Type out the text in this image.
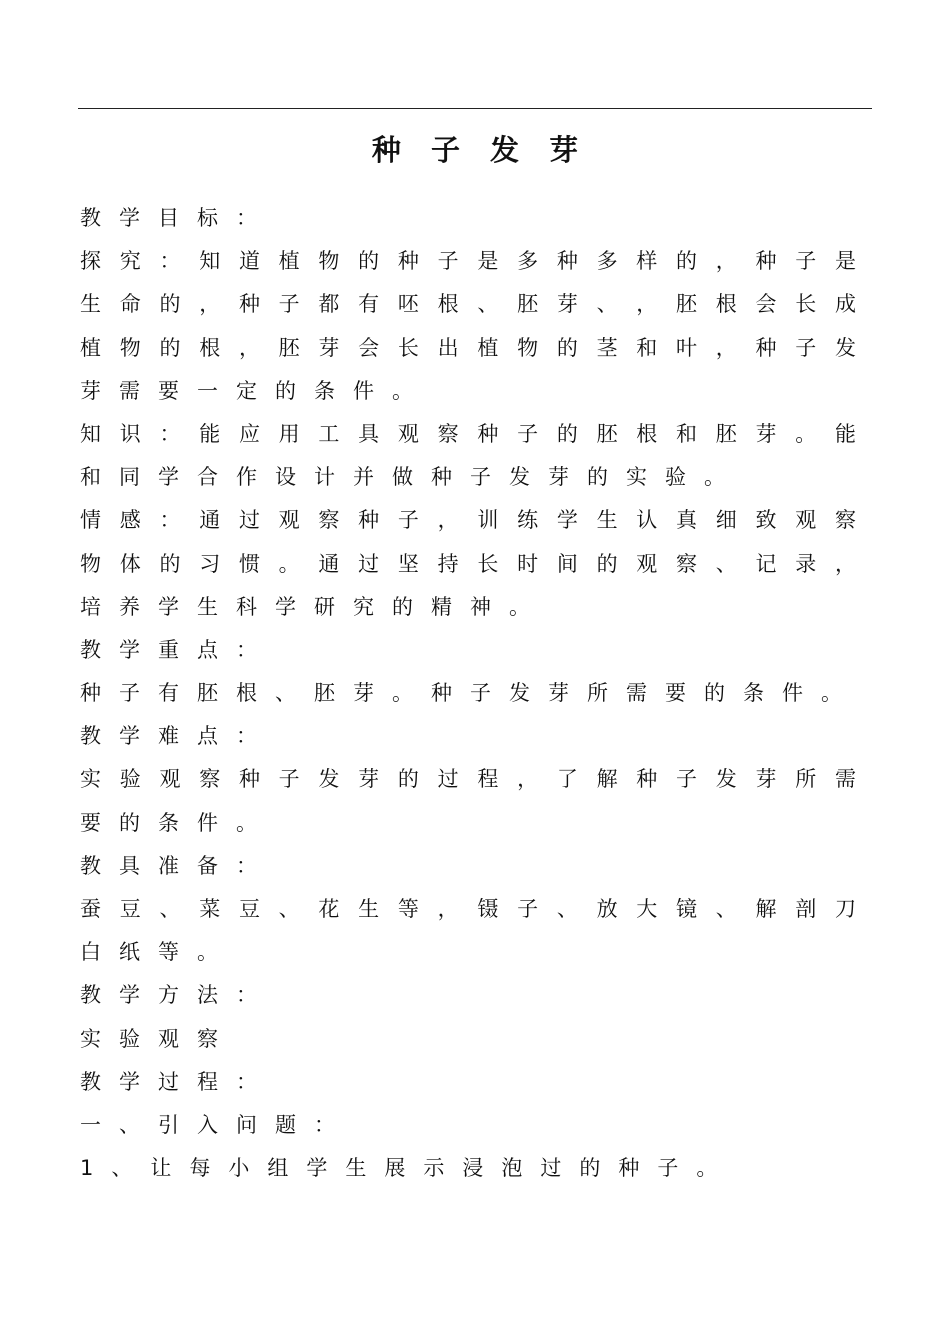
种 子 发 芽
教学目标：
探 究 ： 知 道 植 物 的 种 子 是 多 种 多 样 的 ， 种 子 是
生 命 的 ， 种 子 都 有 呸 根 、 胚 芽 、 ， 胚 根 会 长 成
植 物 的 根 ， 胚 芽 会 长 出 植 物 的 茎 和 叶 ， 种 子 发
芽需要一定的条件。
知 识 ： 能 应 用 工 具 观 察 种 子 的 胚 根 和 胚 芽 。 能
和同学合作设计并做种子发芽的实验。
情 感 ： 通 过 观 察 种 子 ， 训 练 学 生 认 真 细 致 观 察
物 体 的 习 惯 。 通 过 坚 持 长 时 间 的 观 察 、 记 录 ，
培养学生科学研究的精神。
教学重点：
种子有胚根、胚芽。种子发芽所需要的条件。
教学难点：
实 验 观 察 种 子 发 芽 的 过 程 ， 了 解 种 子 发 芽 所 需
要的条件。
教具准备：
蚕 豆 、 菜 豆 、 花 生 等 ， 镊 子 、 放 大 镜 、 解 剖 刀
白纸等。
教学方法：
实验观察
教学过程：
一、引入问题：
1、让每小组学生展示浸泡过的种子。
